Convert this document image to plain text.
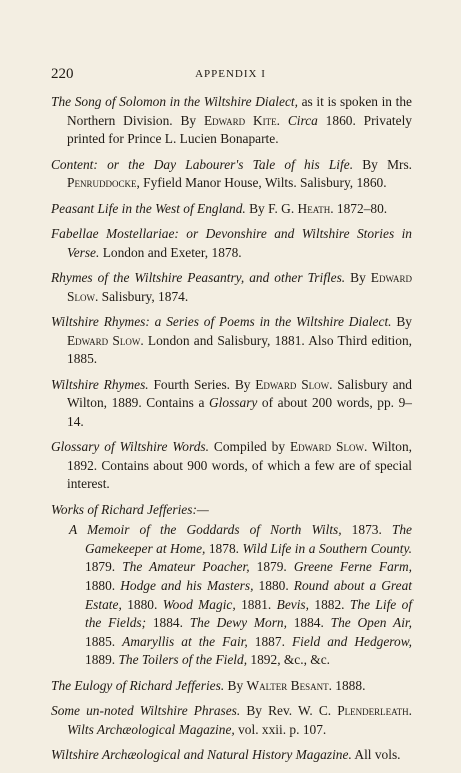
220	APPENDIX I

The Song of Solomon in the Wiltshire Dialect, as it is spoken in the Northern Division. By Edward Kite. Circa 1860. Privately printed for Prince L. Lucien Bonaparte.

Content: or the Day Labourer's Tale of his Life. By Mrs. Penruddocke, Fyfield Manor House, Wilts. Salisbury, 1860.

Peasant Life in the West of England. By F. G. Heath. 1872–80.

Fabellae Mostellariae: or Devonshire and Wiltshire Stories in Verse. London and Exeter, 1878.

Rhymes of the Wiltshire Peasantry, and other Trifles. By Edward Slow. Salisbury, 1874.

Wiltshire Rhymes: a Series of Poems in the Wiltshire Dialect. By Edward Slow. London and Salisbury, 1881. Also Third edition, 1885.

Wiltshire Rhymes. Fourth Series. By Edward Slow. Salisbury and Wilton, 1889. Contains a Glossary of about 200 words, pp. 9–14.

Glossary of Wiltshire Words. Compiled by Edward Slow. Wilton, 1892. Contains about 900 words, of which a few are of special interest.

Works of Richard Jefferies:—

A Memoir of the Goddards of North Wilts, 1873. The Gamekeeper at Home, 1878. Wild Life in a Southern County. 1879. The Amateur Poacher, 1879. Greene Ferne Farm, 1880. Hodge and his Masters, 1880. Round about a Great Estate, 1880. Wood Magic, 1881. Bevis, 1882. The Life of the Fields; 1884. The Dewy Morn, 1884. The Open Air, 1885. Amaryllis at the Fair, 1887. Field and Hedgerow, 1889. The Toilers of the Field, 1892, &c., &c.

The Eulogy of Richard Jefferies. By Walter Besant. 1888.

Some un-noted Wiltshire Phrases. By Rev. W. C. Plenderleath. Wilts Archæological Magazine, vol. xxii. p. 107.

Wiltshire Archæological and Natural History Magazine. All vols.
